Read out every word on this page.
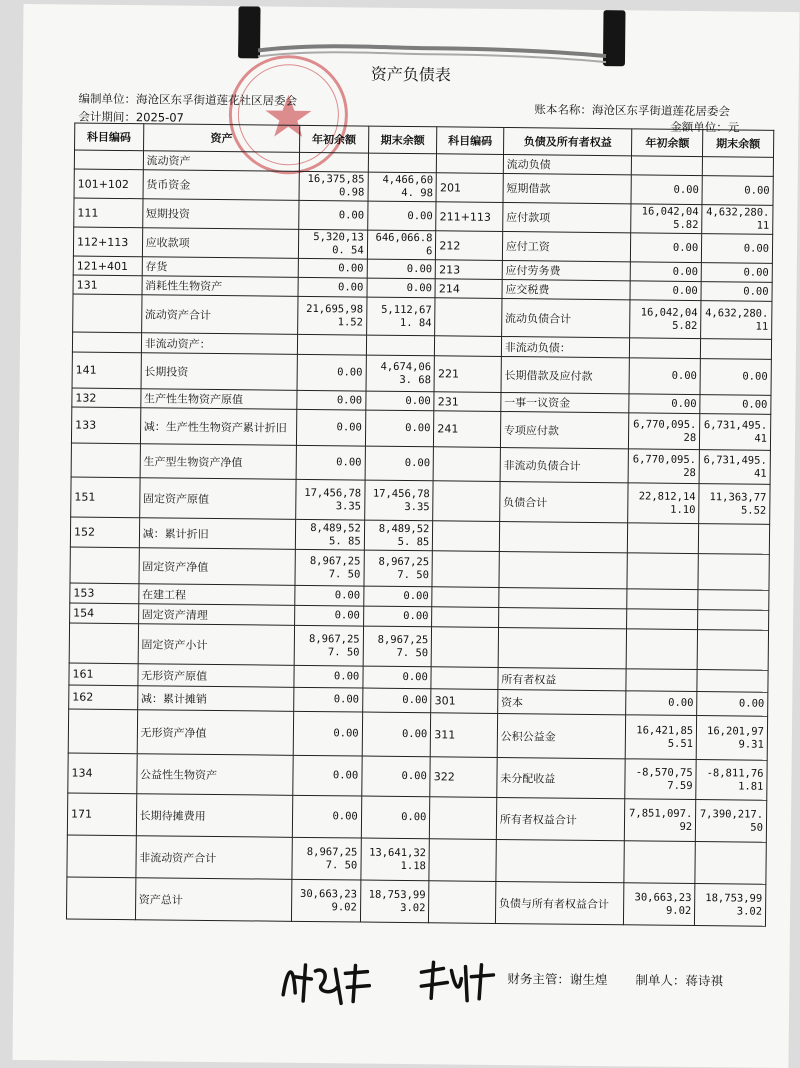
资产负债表
编制单位：海沧区东孚街道莲花社区居委会
会计期间：2025-07
账本名称：海沧区东孚街道莲花居委会
金额单位：元
科目编码	资产	年初余额	期末余额	科目编码	负债及所有者权益	年初余额	期末余额
	流动资产				流动负债		
101+102	货币资金	16,375,85 0.98	4,466,604. 98	201	短期借款	0.00	0.00
111	短期投资	0.00	0.00	211+113	应付款项	16,042,04 5.82	4,632,280. 11
112+113	应收款项	5,320,130. 54	646,066.86	212	应付工资	0.00	0.00
121+401	存货	0.00	0.00	213	应付劳务费	0.00	0.00
131	消耗性生物资产	0.00	0.00	214	应交税费	0.00	0.00
	流动资产合计	21,695,98 1.52	5,112,671. 84		流动负债合计	16,042,04 5.82	4,632,280. 11
	非流动资产：				非流动负债：		
141	长期投资	0.00	4,674,063. 68	221	长期借款及应付款	0.00	0.00
132	生产性生物资产原值	0.00	0.00	231	一事一议资金	0.00	0.00
133	减：生产性生物资产累计折旧	0.00	0.00	241	专项应付款	6,770,095. 28	6,731,495. 41
	生产型生物资产净值	0.00	0.00		非流动负债合计	6,770,095. 28	6,731,495. 41
151	固定资产原值	17,456,78 3.35	17,456,78 3.35		负债合计	22,812,14 1.10	11,363,77 5.52
152	减：累计折旧	8,489,525. 85	8,489,525. 85				
	固定资产净值	8,967,257. 50	8,967,257. 50				
153	在建工程	0.00	0.00				
154	固定资产清理	0.00	0.00				
	固定资产小计	8,967,257. 50	8,967,257. 50				
161	无形资产原值	0.00	0.00		所有者权益		
162	减：累计摊销	0.00	0.00	301	资本	0.00	0.00
	无形资产净值	0.00	0.00	311	公积公益金	16,421,85 5.51	16,201,97 9.31
134	公益性生物资产	0.00	0.00	322	未分配收益	-8,570,75 7.59	-8,811,76 1.81
171	长期待摊费用	0.00	0.00		所有者权益合计	7,851,097. 92	7,390,217. 50
	非流动资产合计	8,967,257. 50	13,641,32 1.18				
	资产总计	30,663,23 9.02	18,753,99 3.02		负债与所有者权益合计	30,663,23 9.02	18,753,99 3.02
财务主管：谢生煌 制单人：蒋诗祺
